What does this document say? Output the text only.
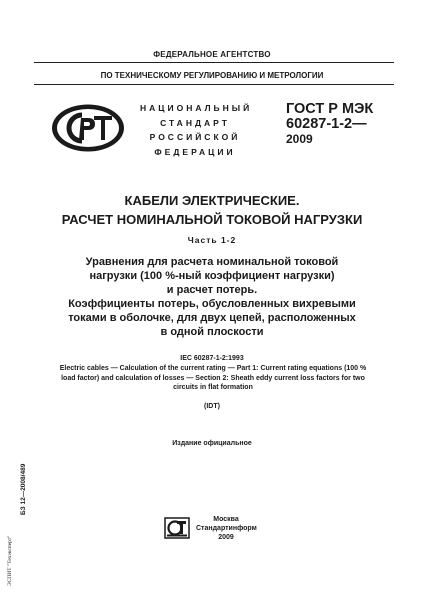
ФЕДЕРАЛЬНОЕ АГЕНТСТВО
ПО ТЕХНИЧЕСКОМУ РЕГУЛИРОВАНИЮ И МЕТРОЛОГИИ
НАЦИОНАЛЬНЫЙ
СТАНДАРТ
РОССИЙСКОЙ
ФЕДЕРАЦИИ
ГОСТ Р МЭК
60287-1-2—
2009
КАБЕЛИ ЭЛЕКТРИЧЕСКИЕ.
РАСЧЕТ НОМИНАЛЬНОЙ ТОКОВОЙ НАГРУЗКИ
Часть 1-2
Уравнения для расчета номинальной токовой
нагрузки (100 %-ный коэффициент нагрузки)
и расчет потерь.
Коэффициенты потерь, обусловленных вихревыми
токами в оболочке, для двух цепей, расположенных
в одной плоскости
IEC 60287-1-2:1993
Electric cables — Calculation of the current rating — Part 1: Current rating equations (100 %
load factor) and calculation of losses — Section 2: Sheath eddy current loss factors for two
circuits in flat formation
(IDT)
Издание официальное
БЗ 12—2008/489
ЭСПИТ "Техэксперт"
Москва
Стандартинформ
2009
